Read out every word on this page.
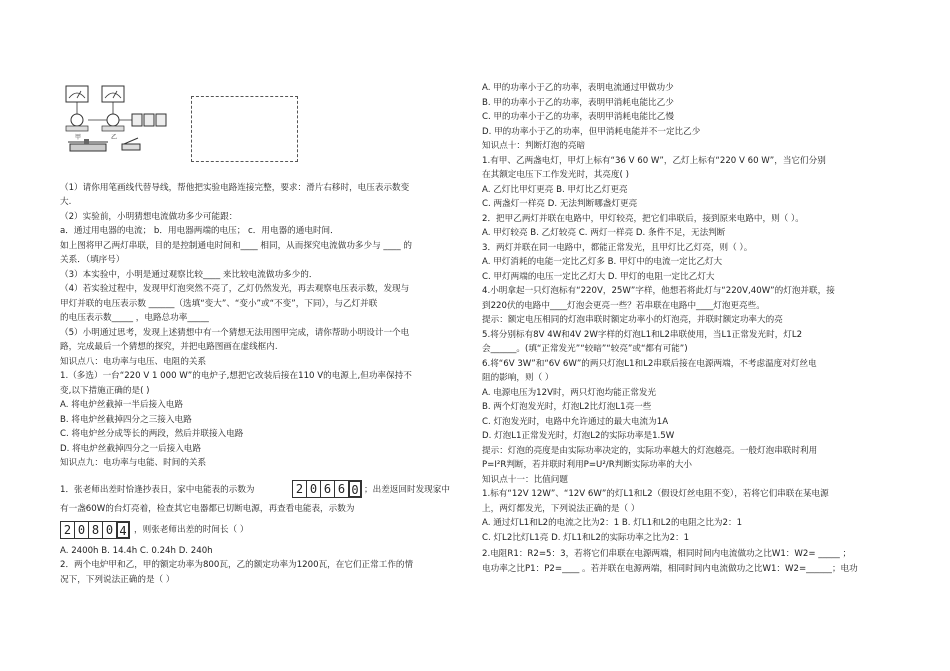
甲	乙
（1）请你用笔画线代替导线，帮他把实验电路连接完整，要求：滑片右移时，电压表示数变
大.
（2）实验前，小明猜想电流做功多少可能跟：
a．通过用电器的电流； b．用电器两端的电压； c．用电器的通电时间．
如上图将甲乙两灯串联，目的是控制通电时间和____ 相同，从而探究电流做功多少与 ____ 的
关系．（填序号）
（3）本实验中，小明是通过观察比较____ 来比较电流做功多少的．
（4）若实验过程中，发现甲灯泡突然不亮了，乙灯仍然发光，再去观察电压表示数，发现与
甲灯并联的电压表示数 ______（选填“变大”、“变小”或“不变”，下同），与乙灯并联
的电压表示数_____ ，电路总功率_____
（5）小明通过思考，发现上述猜想中有一个猜想无法用图甲完成，请你帮助小明设计一个电
路，完成最后一个猜想的探究，并把电路图画在虚线框内.
知识点八：电功率与电压、电阻的关系
1.（多选）一台“220 V 1 000 W”的电炉子,想把它改装后接在110 V的电源上,但功率保持不
变,以下措施正确的是( )
A. 将电炉丝截掉一半后接入电路
B. 将电炉丝截掉四分之三接入电路
C. 将电炉丝分成等长的两段，然后并联接入电路
D. 将电炉丝截掉四分之一后接入电路
知识点九：电功率与电能、时间的关系
1．张老师出差时恰逢抄表日，家中电能表的示数为	2 0 6 6 0 ；出差返回时发现家中
有一盏60W的台灯亮着，检查其它电器都已切断电源，再查看电能表，示数为
2 0 8 0 4 ，则张老师出差的时间长（ ）
A. 2400h B. 14.4h C. 0.24h D. 240h
2．两个电炉甲和乙，甲的额定功率为800瓦，乙的额定功率为1200瓦，在它们正常工作的情
况下，下列说法正确的是（ ）
A. 甲的功率小于乙的功率，表明电流通过甲做功少
B. 甲的功率小于乙的功率，表明甲消耗电能比乙少
C. 甲的功率小于乙的功率，表明甲消耗电能比乙慢
D. 甲的功率小于乙的功率，但甲消耗电能并不一定比乙少
知识点十：判断灯泡的亮暗
1.有甲、乙两盏电灯，甲灯上标有“36 V 60 W”，乙灯上标有“220 V 60 W”，当它们分别
在其额定电压下工作发光时，其亮度( )
A. 乙灯比甲灯更亮 B. 甲灯比乙灯更亮
C. 两盏灯一样亮 D. 无法判断哪盏灯更亮
2．把甲乙两灯并联在电路中，甲灯较亮，把它们串联后，接到原来电路中，则（ ）。
A. 甲灯较亮 B. 乙灯较亮 C. 两灯一样亮 D. 条件不足，无法判断
3．两灯并联在同一电路中，都能正常发光，且甲灯比乙灯亮，则（ ）。
A. 甲灯消耗的电能一定比乙灯多 B. 甲灯中的电流一定比乙灯大
C. 甲灯两端的电压一定比乙灯大 D. 甲灯的电阻一定比乙灯大
4.小明拿起一只灯泡标有“220V，25W”字样，他想若将此灯与“220V,40W”的灯泡并联，接
到220伏的电路中____灯泡会更亮一些？若串联在电路中____灯泡更亮些。
提示：额定电压相同的灯泡串联时额定功率小的灯泡亮，并联时额定功率大的亮
5.将分别标有8V 4W和4V 2W字样的灯泡L1和L2串联使用，当L1正常发光时，灯L2
会______。(填“正常发光”“较暗”“较亮”或“都有可能”)
6.将“6V 3W”和“6V 6W”的两只灯泡L1和L2串联后接在电源两端，不考虑温度对灯丝电
阻的影响，则（ ）
A. 电源电压为12V时，两只灯泡均能正常发光
B. 两个灯泡发光时，灯泡L2比灯泡L1亮一些
C. 灯泡发光时，电路中允许通过的最大电流为1A
D. 灯泡L1正常发光时，灯泡L2的实际功率是1.5W
提示：灯泡的亮度是由实际功率决定的，实际功率越大的灯泡越亮。一般灯泡串联时利用
P=I²R判断，若并联时利用P=U²/R判断实际功率的大小
知识点十一：比值问题
1.标有“12V 12W”、“12V 6W”的灯L1和L2（假设灯丝电阻不变），若将它们串联在某电源
上，两灯都发光，下列说法正确的是（ ）
A. 通过灯L1和L2的电流之比为2：1 B. 灯L1和L2的电阻之比为2：1
C. 灯L2比灯L1亮 D. 灯L1和L2的实际功率之比为2：1
2.电阻R1：R2=5：3，若将它们串联在电源两端，相同时间内电流做功之比W1：W2= _____ ；
电功率之比P1：P2=____ 。若并联在电源两端，相同时间内电流做功之比W1：W2=______；电功
